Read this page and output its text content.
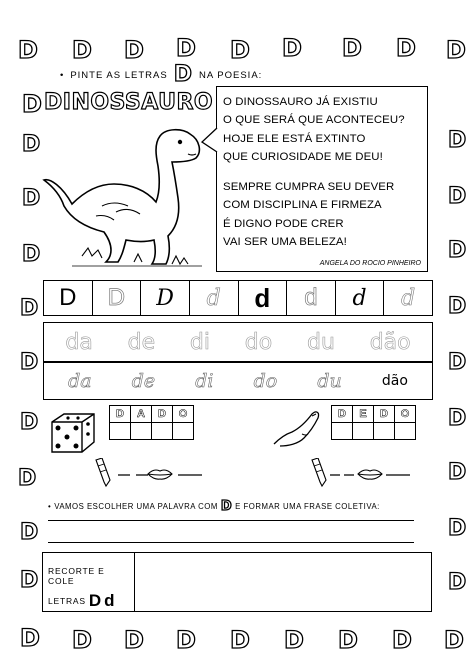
D D D D D D D D D
D
D
D
D
D
D
D
D
D
D
D
D
D
D
D
D
D
D
D
D D D D D D D D D
• PINTE AS LETRAS D NA POESIA:
DINOSSAURO O DINOSSAURO JÁ EXISTIU
O QUE SERÁ QUE ACONTECEU?
HOJE ELE ESTÁ EXTINTO
QUE CURIOSIDADE ME DEU!
SEMPRE CUMPRA SEU DEVER
COM DISCIPLINA E FIRMEZA
É DIGNO PODE CRER
VAI SER UMA BELEZA!
ANGELA DO ROCIO PINHEIRO
D D D d d d d d
da de di do du dão
da de di do du	dão
D	A	D	O	D	E	D	O
• VAMOS ESCOLHER UMA PALAVRA COM D E FORMAR UMA FRASE COLETIVA:
RECORTE E COLE
LETRAS D d
